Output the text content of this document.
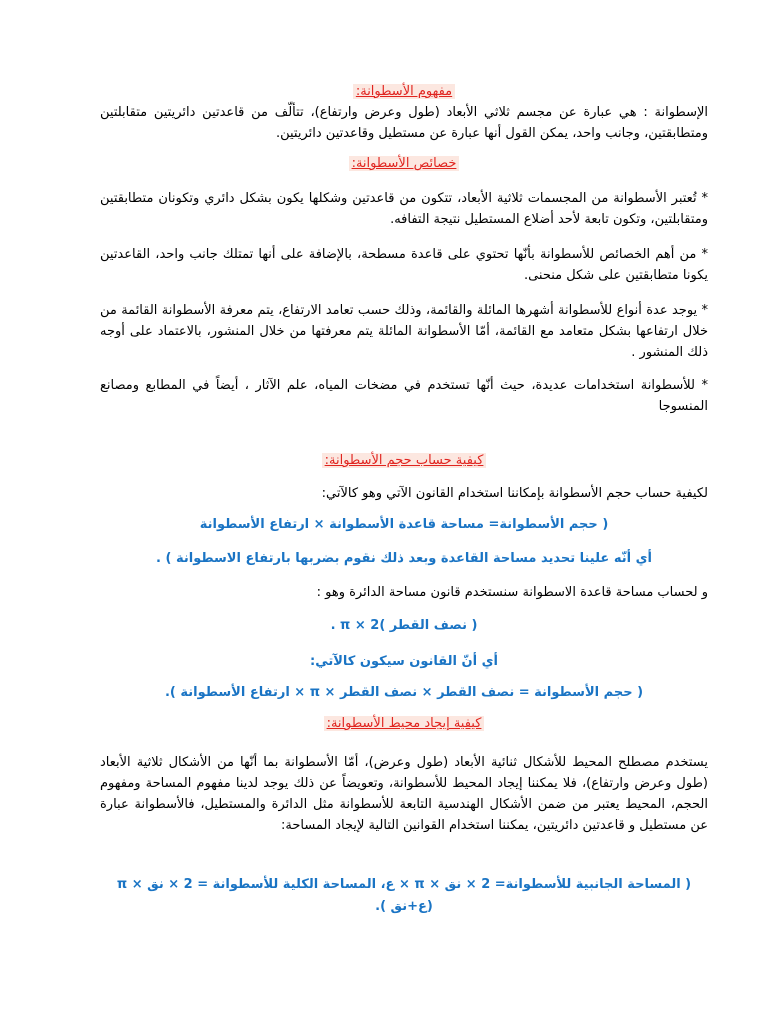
مفهوم الأسطوانة:

الإسطوانة : هي عبارة عن مجسم ثلاثي الأبعاد (طول وعرض وارتفاع)، تتألّف من قاعدتين دائريتين متقابلتين ومتطابقتين، وجانب واحد، يمكن القول أنها عبارة عن مستطيل وقاعدتين دائريتين.

خصائص الأسطوانة:

* تُعتبر الأسطوانة من المجسمات ثلاثية الأبعاد، تتكون من قاعدتين وشكلها يكون بشكل دائري وتكونان متطابقتين ومتقابلتين، وتكون تابعة لأحد أضلاع المستطيل نتيجة التفافه.

* من أهم الخصائص للأسطوانة بأنّها تحتوي على قاعدة مسطحة، بالإضافة على أنها تمتلك جانب واحد، القاعدتين يكونا متطابقتين على شكل منحنى.

* يوجد عدة أنواع للأسطوانة أشهرها المائلة والقائمة، وذلك حسب تعامد الارتفاع، يتم معرفة الأسطوانة القائمة من خلال ارتفاعها بشكل متعامد مع القائمة، أمّا الأسطوانة المائلة يتم معرفتها من خلال المنشور، بالاعتماد على أوجه ذلك المنشور .

* للأسطوانة استخدامات عديدة، حيث أنّها تستخدم في مضخات المياه، علم الآثار ، أيضاً في المطابع ومصانع المنسوجا

كيفية حساب حجم الأسطوانة:

لكيفية حساب حجم الأسطوانة بإمكاننا استخدام القانون الآتي وهو كالآتي:

( حجم الأسطوانة= مساحة قاعدة الأسطوانة × ارتفاع الأسطوانة
أي أنّه علينا تحديد مساحة القاعدة وبعد ذلك نقوم بضربها بارتفاع الاسطوانة ) .

و لحساب مساحة قاعدة الاسطوانة سنستخدم قانون مساحة الدائرة وهو :

( نصف القطر )2 × π .
أي أنّ القانون سيكون كالآتي:
( حجم الأسطوانة = نصف القطر × نصف القطر × π × ارتفاع الأسطوانة ).
كيفية إيجاد محيط الأسطوانة:

يستخدم مصطلح المحيط للأشكال ثنائية الأبعاد (طول وعرض)، أمّا الأسطوانة بما أنّها من الأشكال ثلاثية الأبعاد (طول وعرض وارتفاع)، فلا يمكننا إيجاد المحيط للأسطوانة، وتعويضاً عن ذلك يوجد لدينا مفهوم المساحة ومفهوم الحجم، المحيط يعتبر من ضمن الأشكال الهندسية التابعة للأسطوانة مثل الدائرة والمستطيل، فالأسطوانة عبارة عن مستطيل و قاعدتين دائريتين، يمكننا استخدام القوانين التالية لإيجاد المساحة:

( المساحة الجانبية للأسطوانة= 2 × نق × π × ع، المساحة الكلية للأسطوانة = 2 × نق × π (ع+نق ).
